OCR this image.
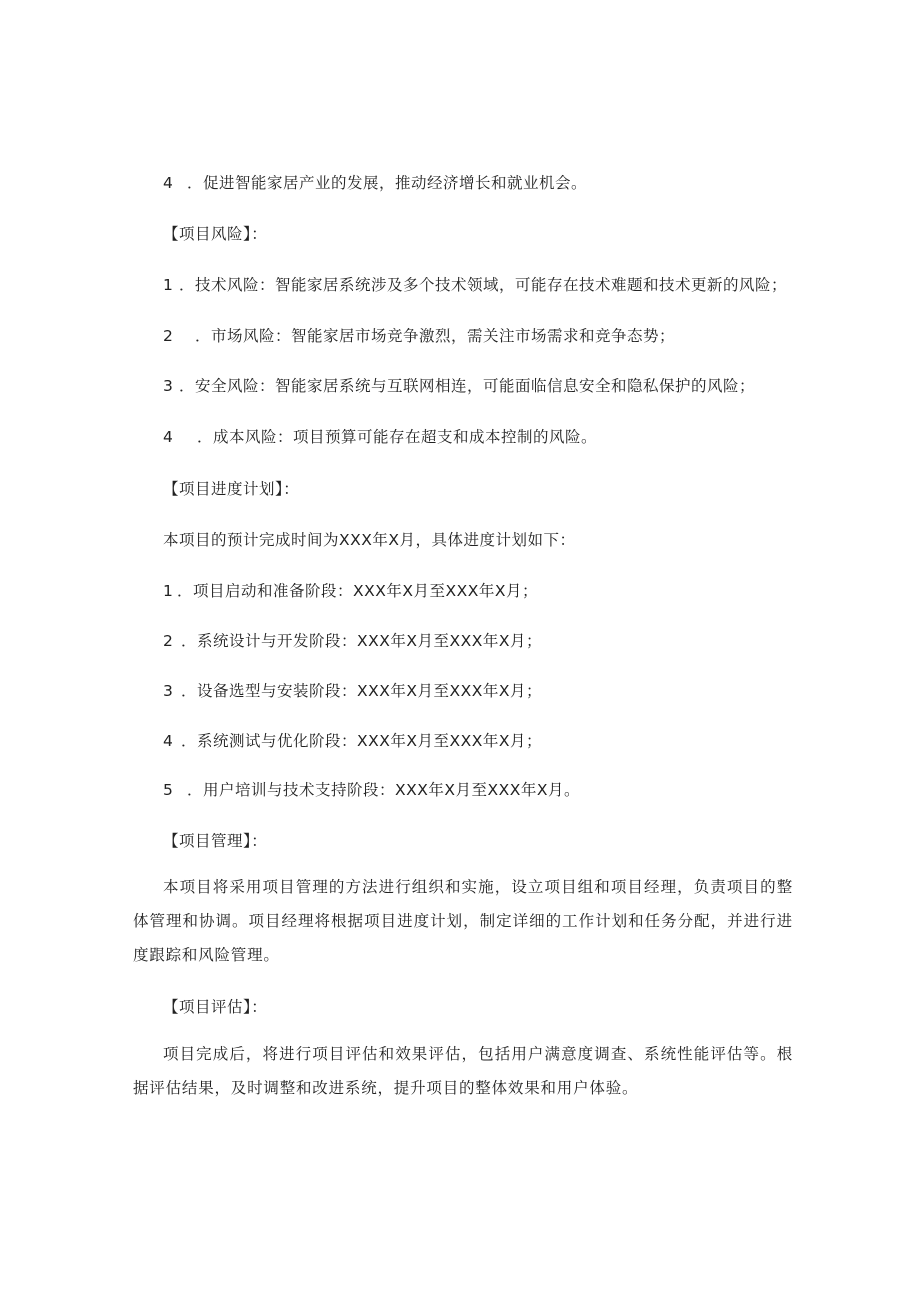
4 ．促进智能家居产业的发展，推动经济增长和就业机会。
【项目风险】：
1 ．技术风险：智能家居系统涉及多个技术领域，可能存在技术难题和技术更新的风险；
2 ．市场风险：智能家居市场竞争激烈，需关注市场需求和竞争态势；
3 ．安全风险：智能家居系统与互联网相连，可能面临信息安全和隐私保护的风险；
4 ．成本风险：项目预算可能存在超支和成本控制的风险。
【项目进度计划】：
本项目的预计完成时间为XXX年X月，具体进度计划如下：
1 ．项目启动和准备阶段：XXX年X月至XXX年X月；
2 ．系统设计与开发阶段：XXX年X月至XXX年X月；
3 ．设备选型与安装阶段：XXX年X月至XXX年X月；
4 ．系统测试与优化阶段：XXX年X月至XXX年X月；
5 ．用户培训与技术支持阶段：XXX年X月至XXX年X月。
【项目管理】：

本项目将采用项目管理的方法进行组织和实施，设立项目组和项目经理，负责项目的整体管理和协调。项目经理将根据项目进度计划，制定详细的工作计划和任务分配，并进行进度跟踪和风险管理。

【项目评估】：

项目完成后，将进行项目评估和效果评估，包括用户满意度调查、系统性能评估等。根据评估结果，及时调整和改进系统，提升项目的整体效果和用户体验。
